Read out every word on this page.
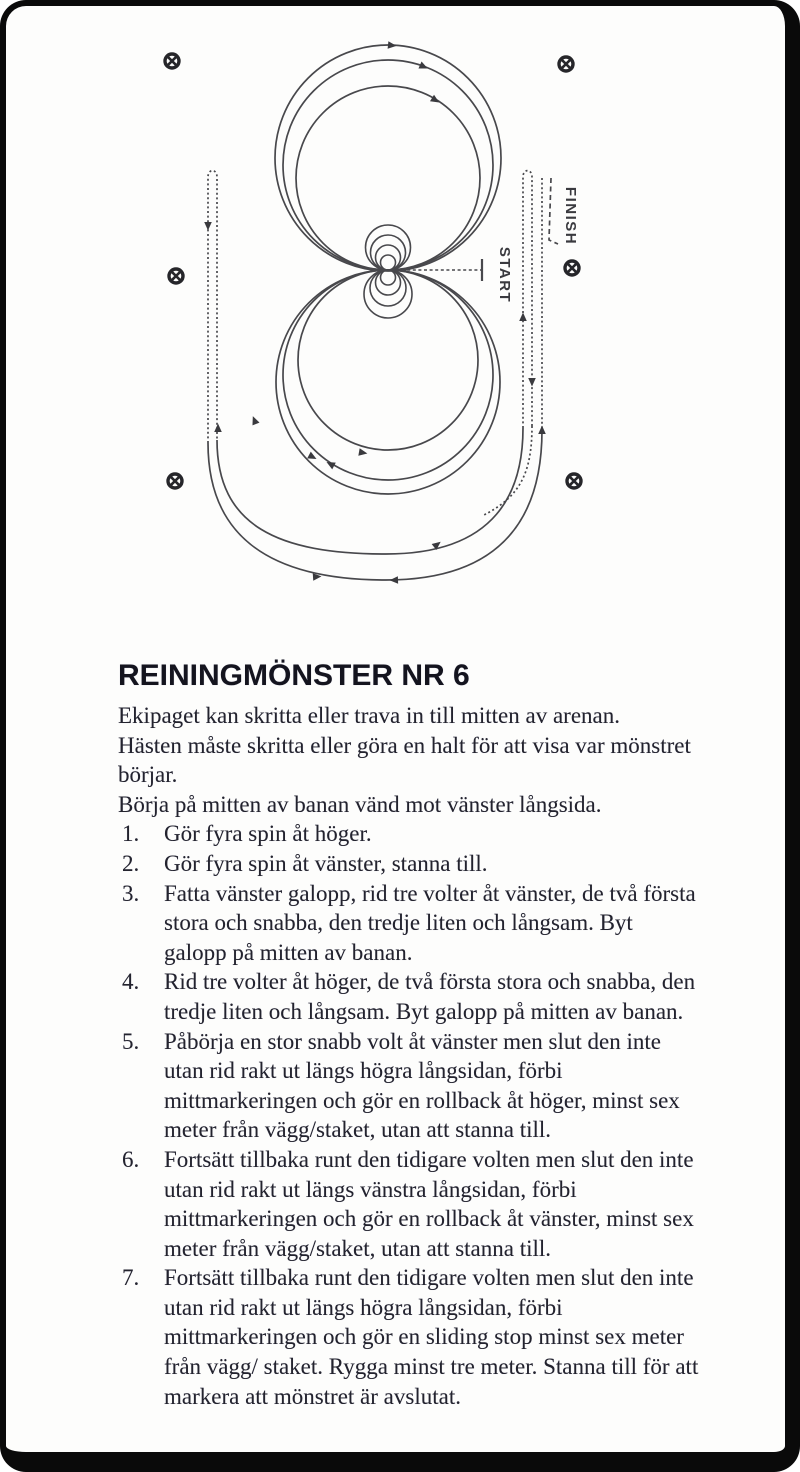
START
FINISH
REININGMÖNSTER NR 6

Ekipaget kan skritta eller trava in till mitten av arenan.

Hästen måste skritta eller göra en halt för att visa var mönstret börjar.

Börja på mitten av banan vänd mot vänster långsida.

1. Gör fyra spin åt höger.
2. Gör fyra spin åt vänster, stanna till.
3. Fatta vänster galopp, rid tre volter åt vänster, de två första stora och snabba, den tredje liten och långsam. Byt galopp på mitten av banan.
4. Rid tre volter åt höger, de två första stora och snabba, den tredje liten och långsam. Byt galopp på mitten av banan.
5. Påbörja en stor snabb volt åt vänster men slut den inte utan rid rakt ut längs högra långsidan, förbi mittmarkeringen och gör en rollback åt höger, minst sex meter från vägg/staket, utan att stanna till.
6. Fortsätt tillbaka runt den tidigare volten men slut den inte utan rid rakt ut längs vänstra långsidan, förbi mittmarkeringen och gör en rollback åt vänster, minst sex meter från vägg/staket, utan att stanna till.
7. Fortsätt tillbaka runt den tidigare volten men slut den inte utan rid rakt ut längs högra långsidan, förbi mittmarkeringen och gör en sliding stop minst sex meter från vägg/ staket. Rygga minst tre meter. Stanna till för att markera att mönstret är avslutat.
